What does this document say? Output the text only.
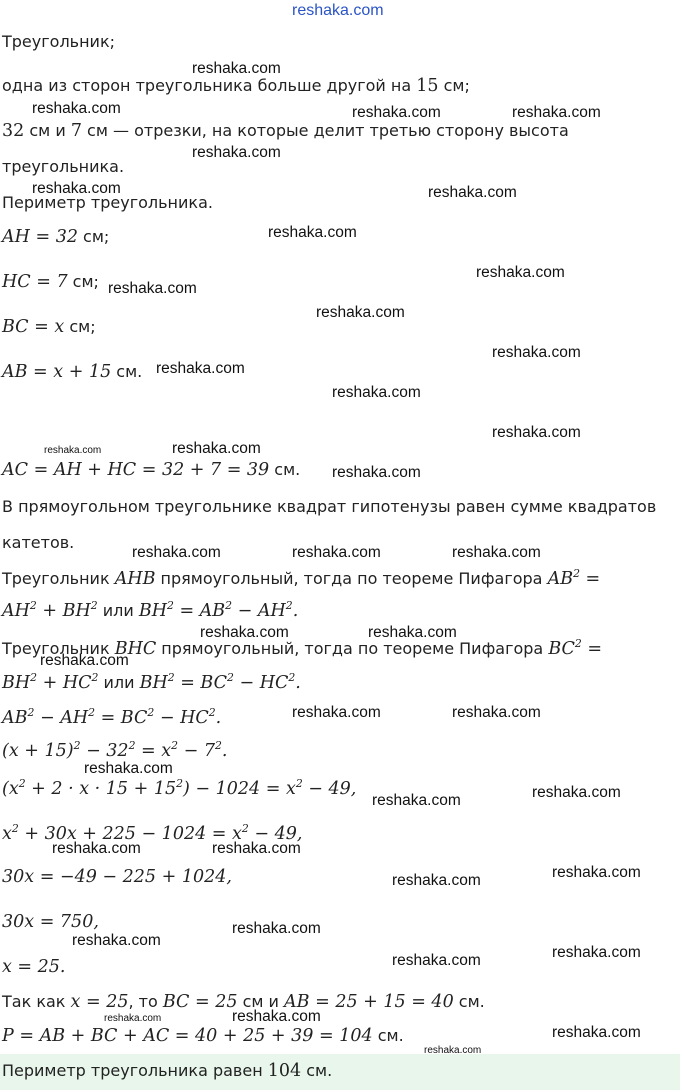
reshaka.com
Треугольник;
одна из сторон треугольника больше другой на 15 см;
32 см и 7 см — отрезки, на которые делит третью сторону высота
треугольника.
Периметр треугольника.
AH = 32 см;
HC = 7 см;
BC = x см;
AB = x + 15 см.
AC = AH + HC = 32 + 7 = 39 см.
В прямоугольном треугольнике квадрат гипотенузы равен сумме квадратов
катетов.
Треугольник AHB прямоугольный, тогда по теореме Пифагора $AB^2$ =
$AH^2 + BH^2$ или $BH^2 = AB^2 - AH^2$.
Треугольник BHC прямоугольный, тогда по теореме Пифагора $BC^2$ =
$BH^2 + HC^2$ или $BH^2 = BC^2 - HC^2$.
$AB^2 - AH^2 = BC^2 - HC^2$.
$(x + 15)^2 - 32^2 = x^2 - 7^2$.
$(x^2 + 2 \cdot x \cdot 15 + 15^2) - 1024 = x^2 - 49$,
$x^2 + 30x + 225 - 1024 = x^2 - 49$,
30x = −49 − 225 + 1024,
30x = 750,
x = 25.
Так как x = 25, то BC = 25 см и AB = 25 + 15 = 40 см.
P = AB + BC + AC = 40 + 25 + 39 = 104 см.
Периметр треугольника равен 104 см.
reshaka.com
reshaka.com	reshaka.com	reshaka.com
reshaka.com
reshaka.com	reshaka.com
reshaka.com
reshaka.com
reshaka.com
reshaka.com
reshaka.com
reshaka.com
reshaka.com
reshaka.com
reshaka.com	reshaka.com
reshaka.com
reshaka.com	reshaka.com	reshaka.com
reshaka.com	reshaka.com
reshaka.com
reshaka.com	reshaka.com
reshaka.com
reshaka.com
reshaka.com
reshaka.com	reshaka.com
reshaka.com
reshaka.com
reshaka.com
reshaka.com
reshaka.com
reshaka.com
reshaka.com	reshaka.com
reshaka.com
reshaka.com
